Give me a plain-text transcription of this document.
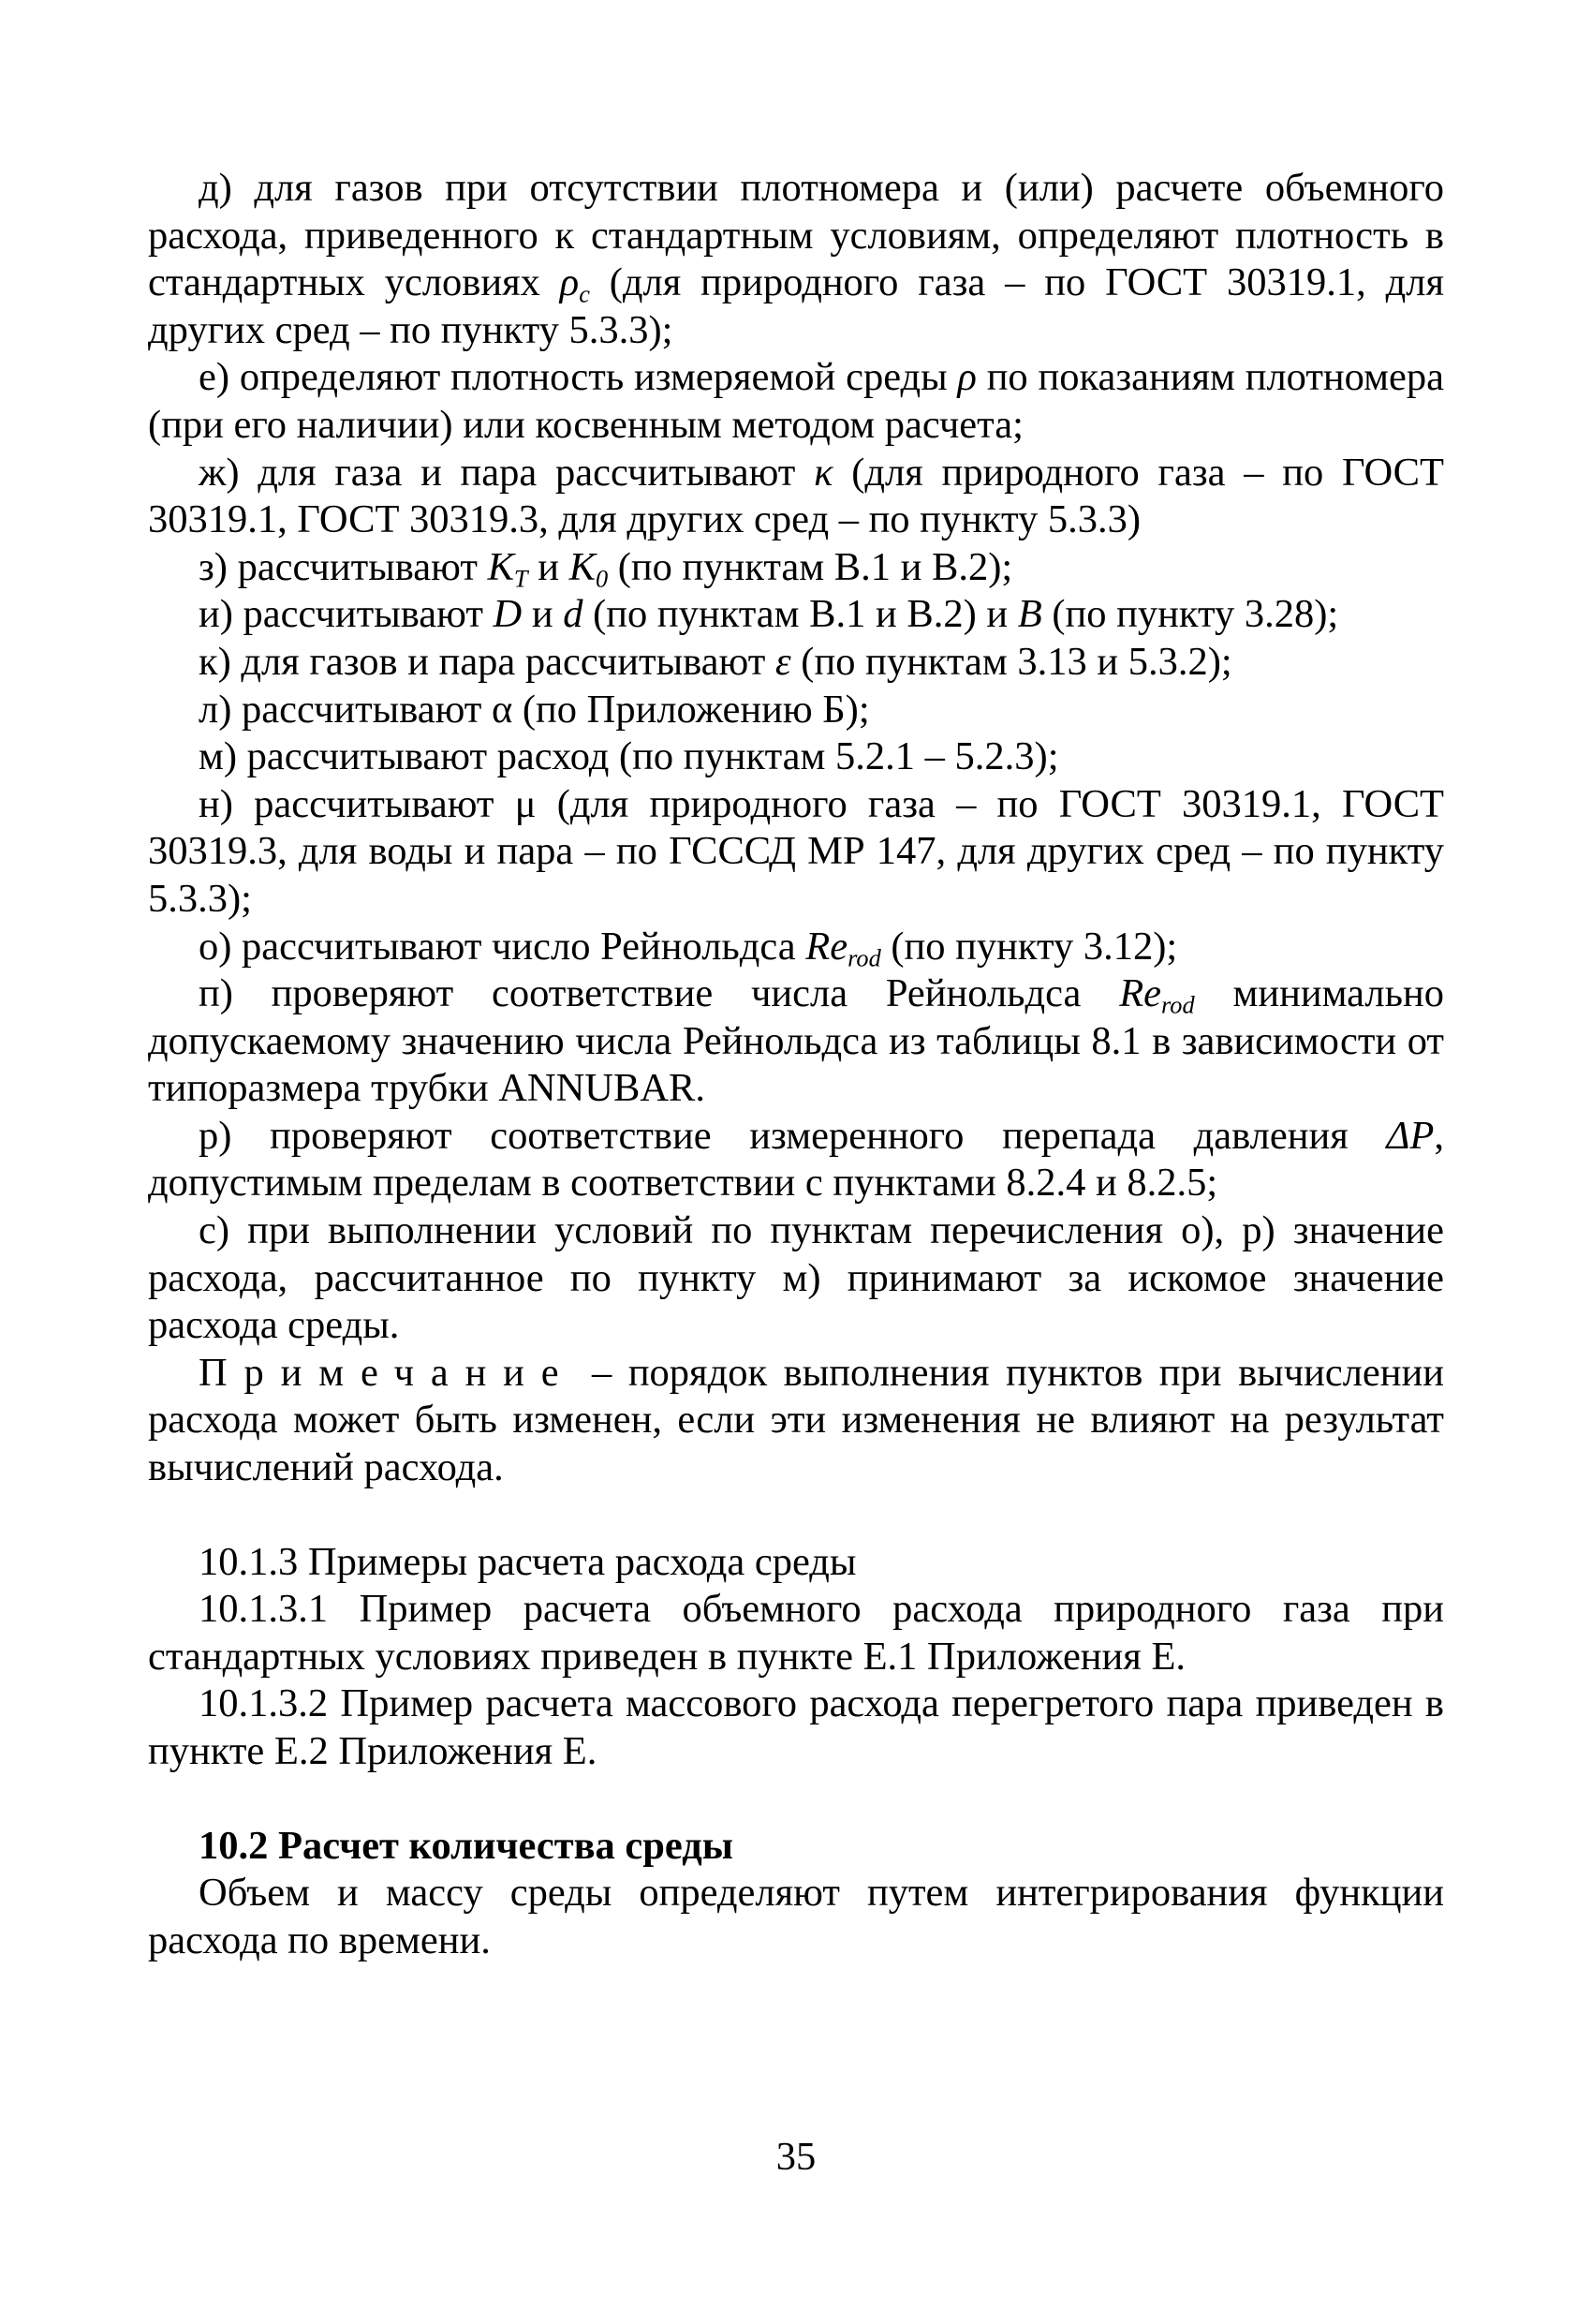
д) для газов при отсутствии плотномера и (или) расчете объемного расхода, приведенного к стандартным условиям, определяют плотность в стандартных условиях $\rho_c$ (для природного газа – по ГОСТ 30319.1, для других сред – по пункту 5.3.3);

е) определяют плотность измеряемой среды ρ по показаниям плотномера (при его наличии) или косвенным методом расчета;

ж) для газа и пара рассчитывают κ (для природного газа – по ГОСТ 30319.1, ГОСТ 30319.3, для других сред – по пункту 5.3.3)

з) рассчитывают $K_T$ и $K_0$ (по пунктам В.1 и В.2);

и) рассчитывают D и d (по пунктам В.1 и В.2) и B (по пункту 3.28);

к) для газов и пара рассчитывают ε (по пунктам 3.13 и 5.3.2);

л) рассчитывают α (по Приложению Б);

м) рассчитывают расход (по пунктам 5.2.1 – 5.2.3);

н) рассчитывают μ (для природного газа – по ГОСТ 30319.1, ГОСТ 30319.3, для воды и пара – по ГСССД МР 147, для других сред – по пункту 5.3.3);

о) рассчитывают число Рейнольдса $Re_{rod}$ (по пункту 3.12);

п) проверяют соответствие числа Рейнольдса $Re_{rod}$ минимально допускаемому значению числа Рейнольдса из таблицы 8.1 в зависимости от типоразмера трубки ANNUBAR.

р) проверяют соответствие измеренного перепада давления ΔP, допустимым пределам в соответствии с пунктами 8.2.4 и 8.2.5;

с) при выполнении условий по пунктам перечисления о), р) значение расхода, рассчитанное по пункту м) принимают за искомое значение расхода среды.

Примечание – порядок выполнения пунктов при вычислении расхода может быть изменен, если эти изменения не влияют на результат вычислений расхода.

10.1.3 Примеры расчета расхода среды

10.1.3.1 Пример расчета объемного расхода природного газа при стандартных условиях приведен в пункте Е.1 Приложения Е.

10.1.3.2 Пример расчета массового расхода перегретого пара приведен в пункте Е.2 Приложения Е.

10.2 Расчет количества среды

Объем и массу среды определяют путем интегрирования функции расхода по времени.

35
